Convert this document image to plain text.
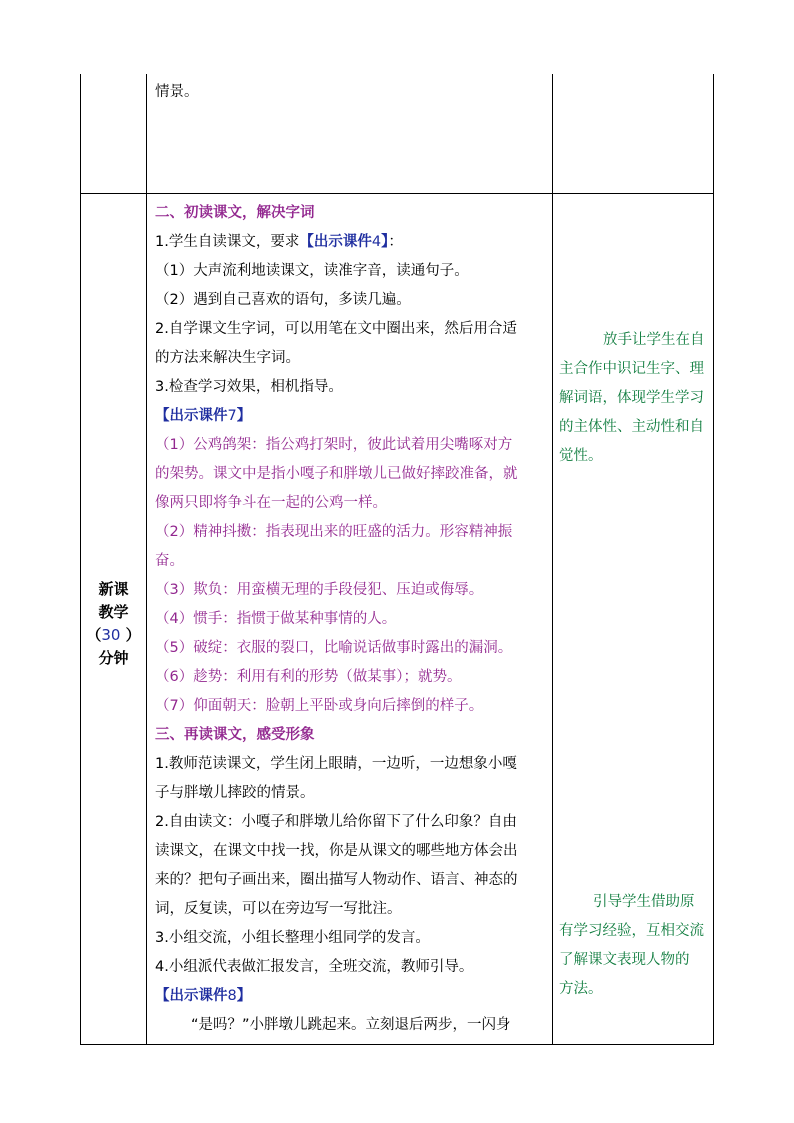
情景。
新课
教学
（30 ）
分钟
二、初读课文，解决字词
1.学生自读课文，要求【出示课件4】：
（1）大声流利地读课文，读准字音，读通句子。
（2）遇到自己喜欢的语句，多读几遍。
2.自学课文生字词，可以用笔在文中圈出来，然后用合适
的方法来解决生字词。
3.检查学习效果，相机指导。
【出示课件7】
（1）公鸡鸽架：指公鸡打架时，彼此试着用尖嘴啄对方
的架势。课文中是指小嘎子和胖墩儿已做好摔跤准备，就
像两只即将争斗在一起的公鸡一样。
（2）精神抖擞：指表现出来的旺盛的活力。形容精神振
奋。
（3）欺负：用蛮横无理的手段侵犯、压迫或侮辱。
（4）惯手：指惯于做某种事情的人。
（5）破绽：衣服的裂口，比喻说话做事时露出的漏洞。
（6）趁势：利用有利的形势（做某事）；就势。
（7）仰面朝天：脸朝上平卧或身向后摔倒的样子。
三、再读课文，感受形象
1.教师范读课文，学生闭上眼睛，一边听，一边想象小嘎
子与胖墩儿摔跤的情景。
2.自由读文：小嘎子和胖墩儿给你留下了什么印象？自由
读课文，在课文中找一找，你是从课文的哪些地方体会出
来的？把句子画出来，圈出描写人物动作、语言、神态的
词，反复读，可以在旁边写一写批注。
3.小组交流，小组长整理小组同学的发言。
4.小组派代表做汇报发言，全班交流，教师引导。
【出示课件8】
“是吗？”小胖墩儿跳起来。立刻退后两步，一闪身
放手让学生在自
主合作中识记生字、理
解词语，体现学生学习
的主体性、主动性和自
觉性。
引导学生借助原
有学习经验，互相交流
了解课文表现人物的
方法。
